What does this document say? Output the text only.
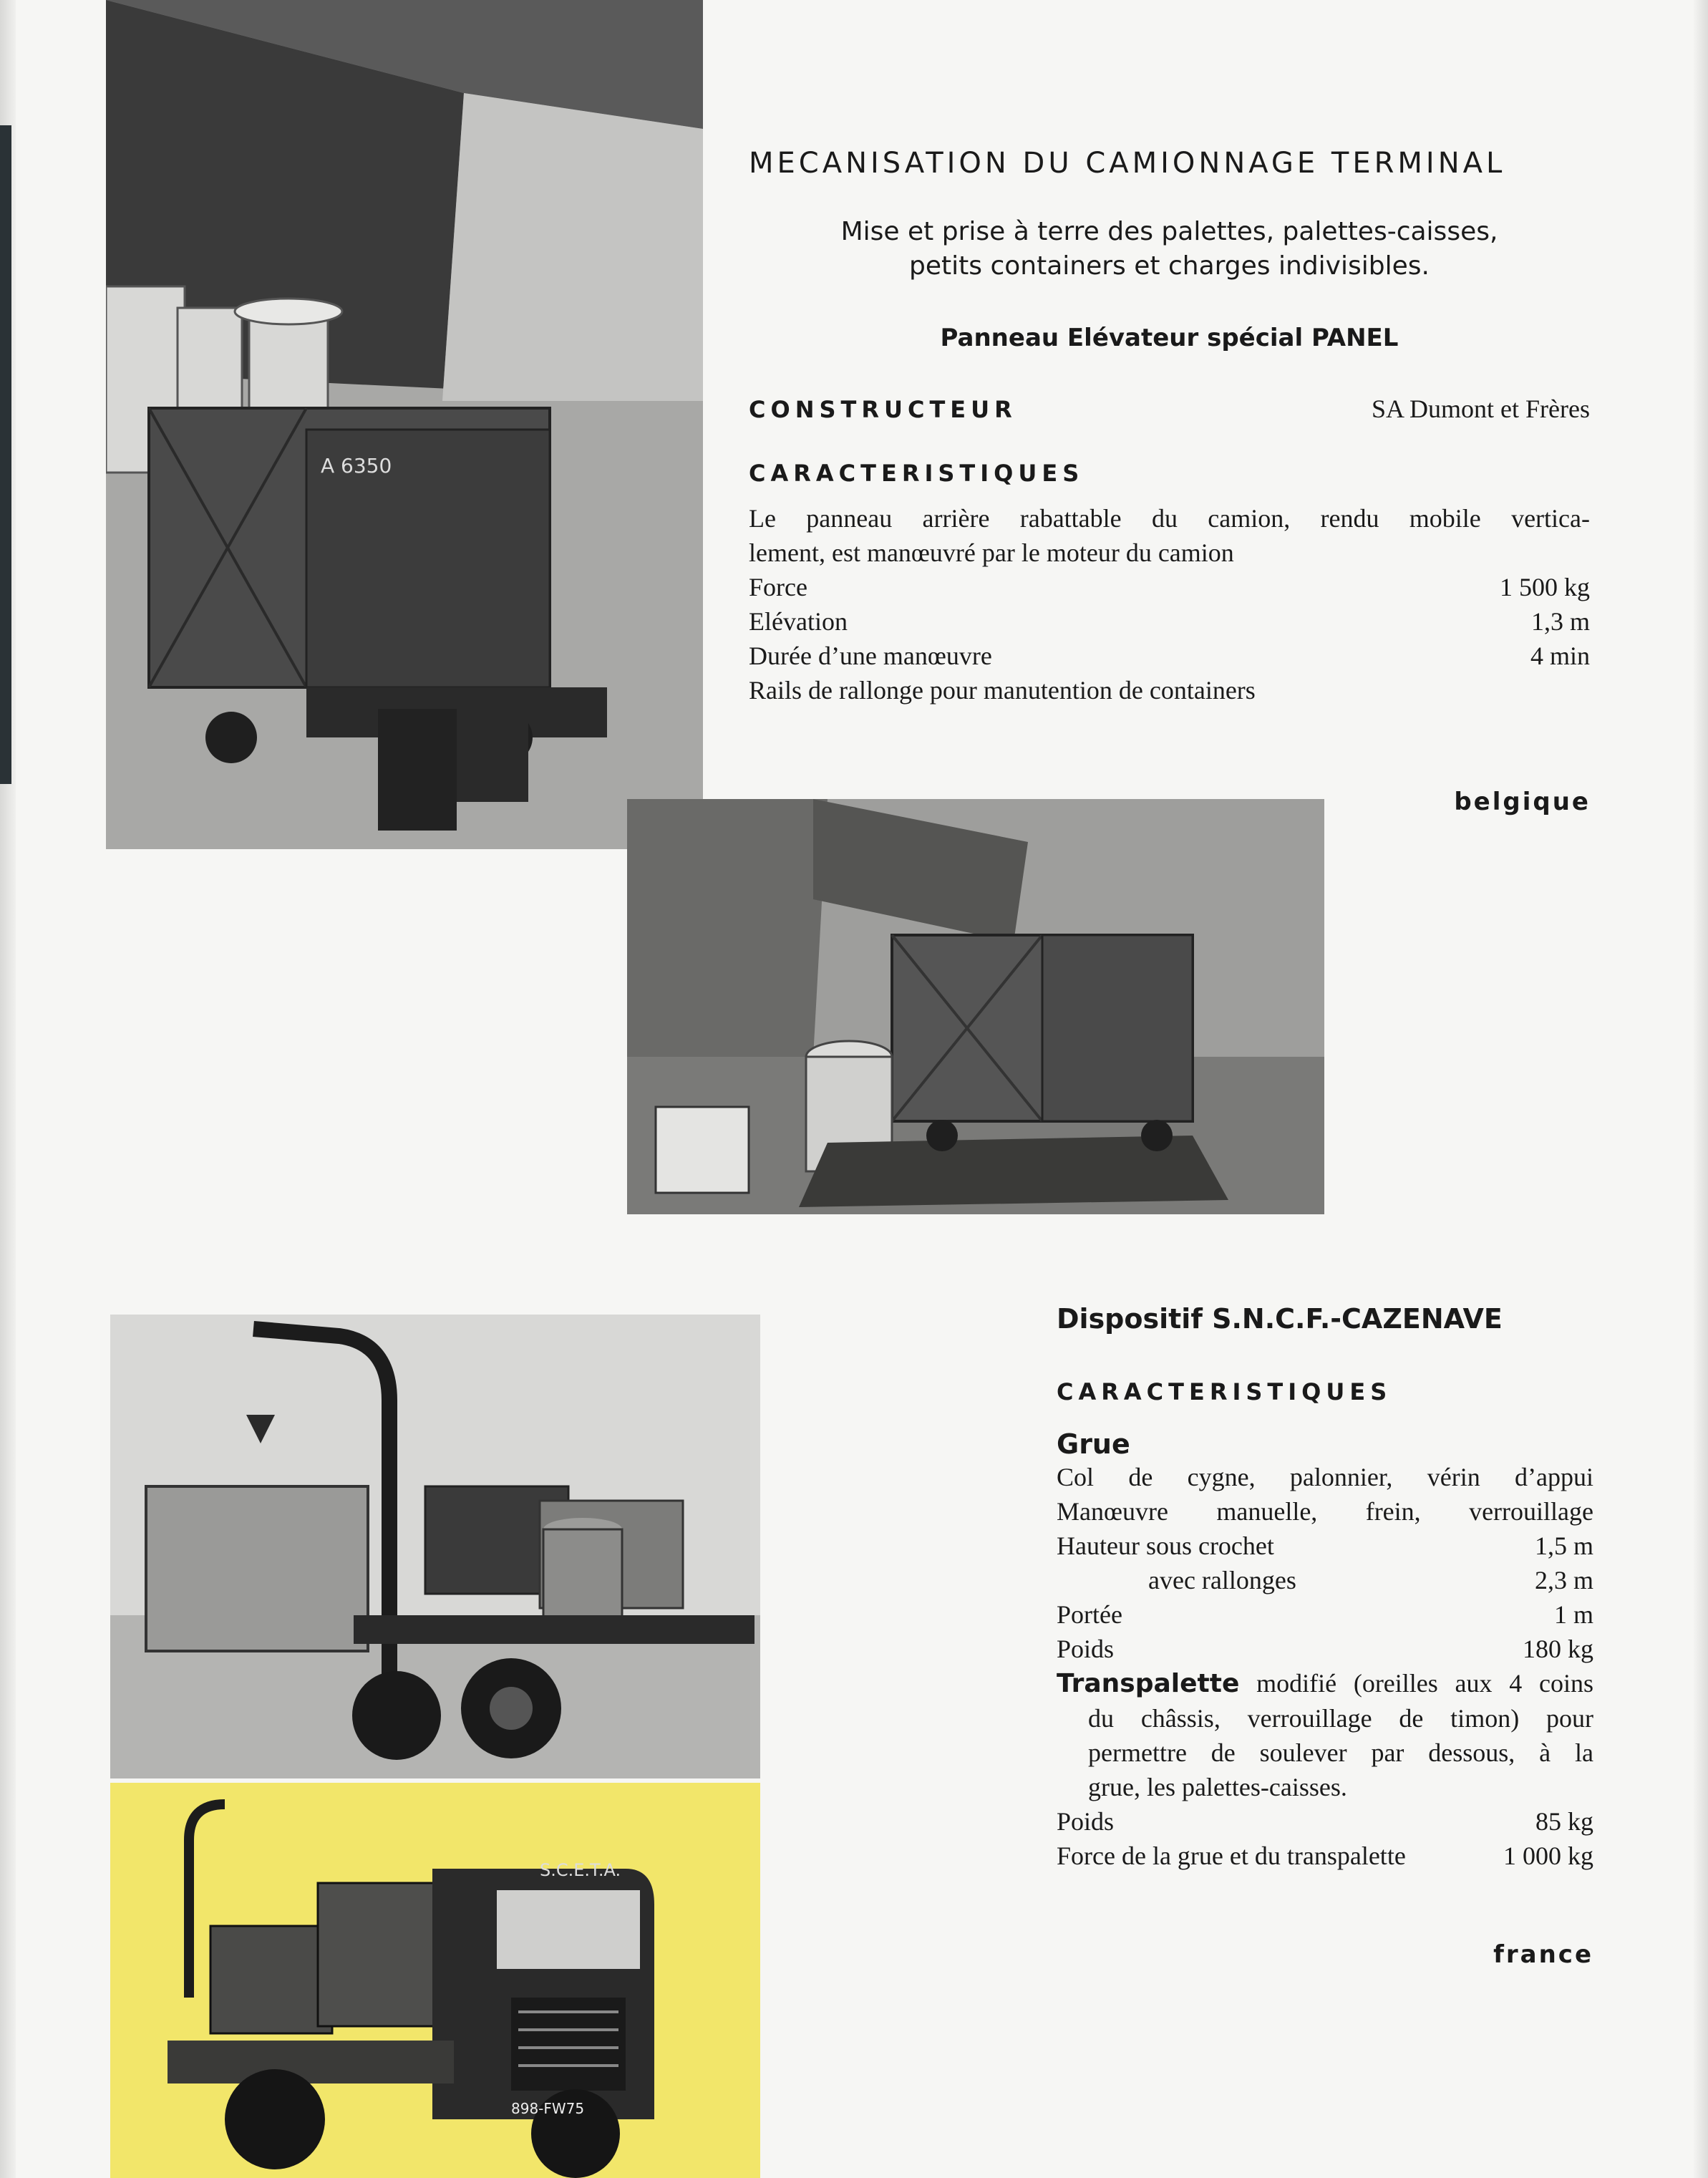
A 6350
MECANISATION DU CAMIONNAGE TERMINAL
Mise et prise à terre des palettes, palettes-caisses,
petits containers et charges indivisibles.
Panneau Elévateur spécial PANEL
CONSTRUCTEUR	SA Dumont et Frères
CARACTERISTIQUES
Le panneau arrière rabattable du camion, rendu mobile vertica-
lement, est manœuvré par le moteur du camion
Force	1 500 kg
Elévation	1,3 m
Durée d’une manœuvre	4 min
Rails de rallonge pour manutention de containers
belgique
Dispositif S.N.C.F.-CAZENAVE
CARACTERISTIQUES
Grue
Col de cygne, palonnier, vérin d’appui
Manœuvre manuelle, frein, verrouillage
Hauteur sous crochet	1,5 m
avec rallonges	2,3 m
Portée	1 m
Poids	180 kg
Transpalette modifié (oreilles aux 4 coins
du châssis, verrouillage de timon) pour
permettre de soulever par dessous, à la
grue, les palettes-caisses.
Poids	85 kg
Force de la grue et du transpalette	1 000 kg
france
S.C.E.T.A.
898-FW75
